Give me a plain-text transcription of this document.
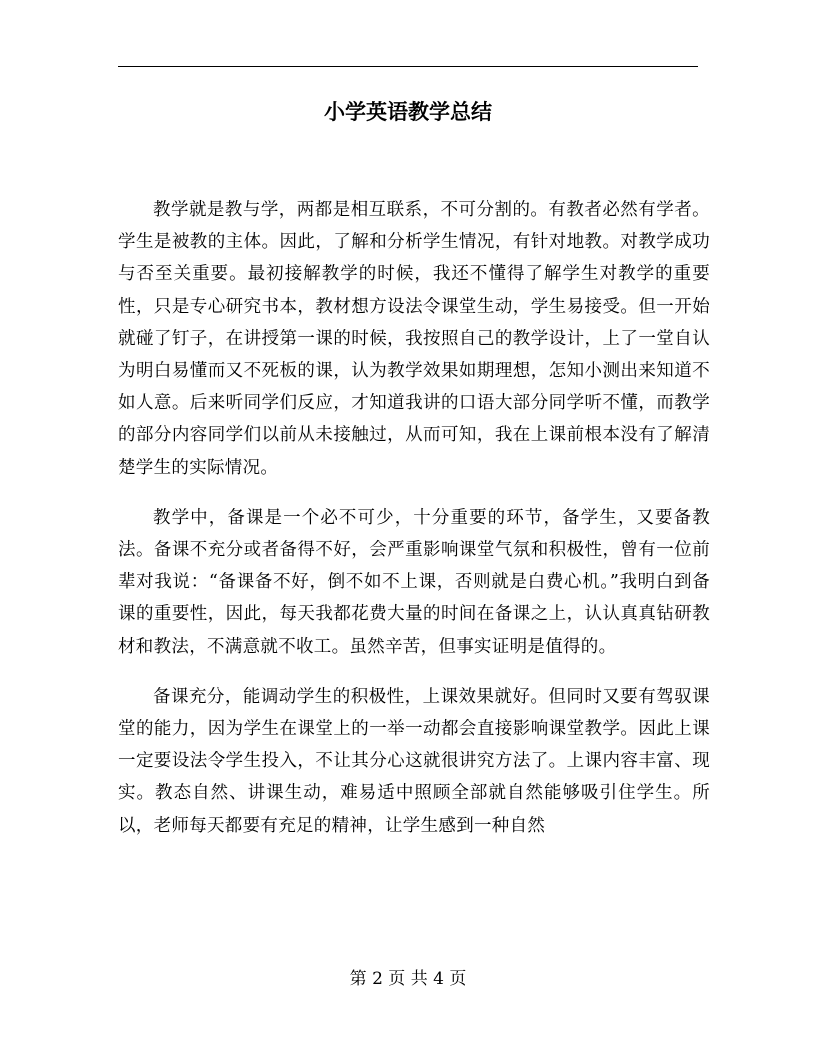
小学英语教学总结

教学就是教与学，两都是相互联系，不可分割的。有教者必然有学者。学生是被教的主体。因此，了解和分析学生情况，有针对地教。对教学成功与否至关重要。最初接解教学的时候，我还不懂得了解学生对教学的重要性，只是专心研究书本，教材想方设法令课堂生动，学生易接受。但一开始就碰了钉子，在讲授第一课的时候，我按照自己的教学设计，上了一堂自认为明白易懂而又不死板的课，认为教学效果如期理想，怎知小测出来知道不如人意。后来听同学们反应，才知道我讲的口语大部分同学听不懂，而教学的部分内容同学们以前从未接触过，从而可知，我在上课前根本没有了解清楚学生的实际情况。

教学中，备课是一个必不可少，十分重要的环节，备学生，又要备教法。备课不充分或者备得不好，会严重影响课堂气氛和积极性，曾有一位前辈对我说：“备课备不好，倒不如不上课，否则就是白费心机。”我明白到备课的重要性，因此，每天我都花费大量的时间在备课之上，认认真真钻研教材和教法，不满意就不收工。虽然辛苦，但事实证明是值得的。

备课充分，能调动学生的积极性，上课效果就好。但同时又要有驾驭课堂的能力，因为学生在课堂上的一举一动都会直接影响课堂教学。因此上课一定要设法令学生投入，不让其分心这就很讲究方法了。上课内容丰富、现实。教态自然、讲课生动，难易适中照顾全部就自然能够吸引住学生。所以，老师每天都要有充足的精神，让学生感到一种自然

第 2 页 共 4 页
